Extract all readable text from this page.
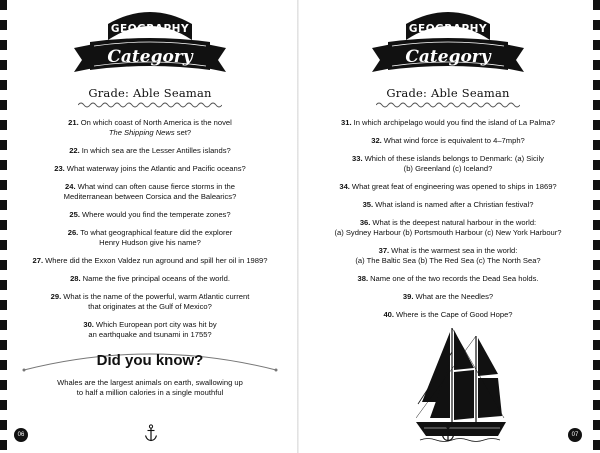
GEOGRAPHY
Category
Grade: Able Seaman
21. On which coast of North America is the novel
The Shipping News set?
22. In which sea are the Lesser Antilles islands?
23. What waterway joins the Atlantic and Pacific oceans?
24. What wind can often cause fierce storms in the
Mediterranean between Corsica and the Balearics?
25. Where would you find the temperate zones?
26. To what geographical feature did the explorer
Henry Hudson give his name?
27. Where did the Exxon Valdez run aground and spill her oil in 1989?
28. Name the five principal oceans of the world.
29. What is the name of the powerful, warm Atlantic current
that originates at the Gulf of Mexico?
30. Which European port city was hit by
an earthquake and tsunami in 1755?
Did you know?
Whales are the largest animals on earth, swallowing up
to half a million calories in a single mouthful
06
GEOGRAPHY
Category
Grade: Able Seaman
31. In which archipelago would you find the island of La Palma?
32. What wind force is equivalent to 4–7mph?
33. Which of these islands belongs to Denmark: (a) Sicily
(b) Greenland (c) Iceland?
34. What great feat of engineering was opened to ships in 1869?
35. What island is named after a Christian festival?
36. What is the deepest natural harbour in the world:
(a) Sydney Harbour (b) Portsmouth Harbour (c) New York Harbour?
37. What is the warmest sea in the world:
(a) The Baltic Sea (b) The Red Sea (c) The North Sea?
38. Name one of the two records the Dead Sea holds.
39. What are the Needles?
40. Where is the Cape of Good Hope?
07
